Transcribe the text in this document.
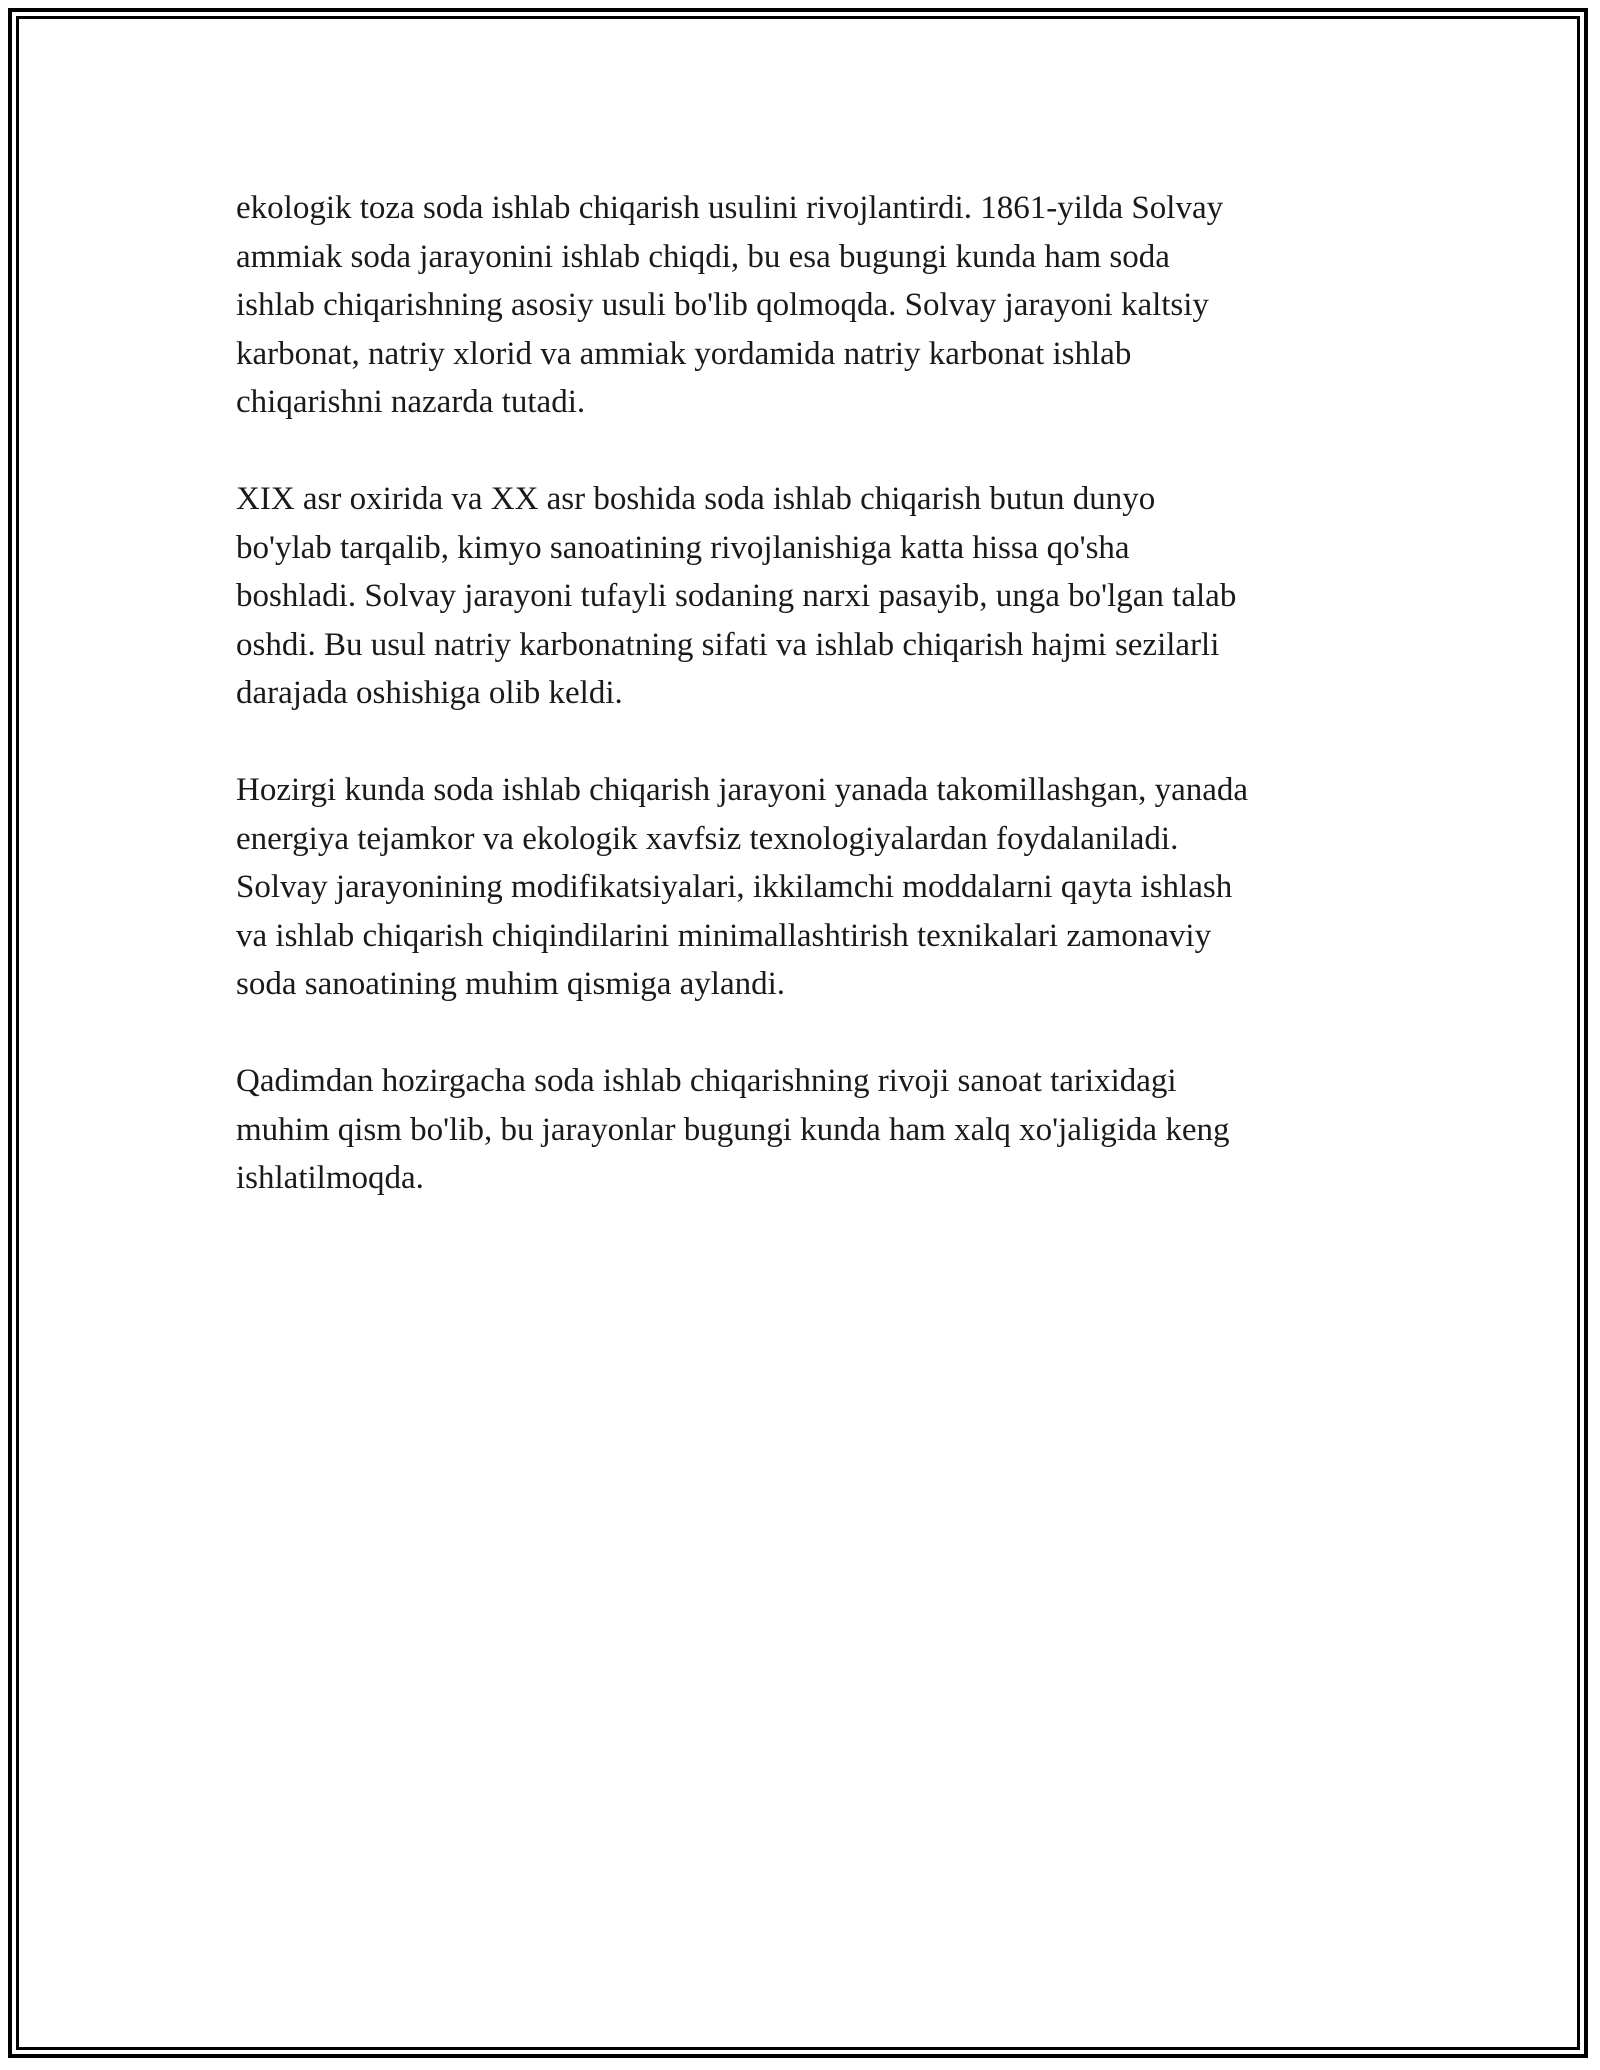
ekologik toza soda ishlab chiqarish usulini rivojlantirdi. 1861-yilda Solvay
ammiak soda jarayonini ishlab chiqdi, bu esa bugungi kunda ham soda
ishlab chiqarishning asosiy usuli bo'lib qolmoqda. Solvay jarayoni kaltsiy
karbonat, natriy xlorid va ammiak yordamida natriy karbonat ishlab
chiqarishni nazarda tutadi.

XIX asr oxirida va XX asr boshida soda ishlab chiqarish butun dunyo
bo'ylab tarqalib, kimyo sanoatining rivojlanishiga katta hissa qo'sha
boshladi. Solvay jarayoni tufayli sodaning narxi pasayib, unga bo'lgan talab
oshdi. Bu usul natriy karbonatning sifati va ishlab chiqarish hajmi sezilarli
darajada oshishiga olib keldi.

Hozirgi kunda soda ishlab chiqarish jarayoni yanada takomillashgan, yanada
energiya tejamkor va ekologik xavfsiz texnologiyalardan foydalaniladi.
Solvay jarayonining modifikatsiyalari, ikkilamchi moddalarni qayta ishlash
va ishlab chiqarish chiqindilarini minimallashtirish texnikalari zamonaviy
soda sanoatining muhim qismiga aylandi.

Qadimdan hozirgacha soda ishlab chiqarishning rivoji sanoat tarixidagi
muhim qism bo'lib, bu jarayonlar bugungi kunda ham xalq xo'jaligida keng
ishlatilmoqda.
